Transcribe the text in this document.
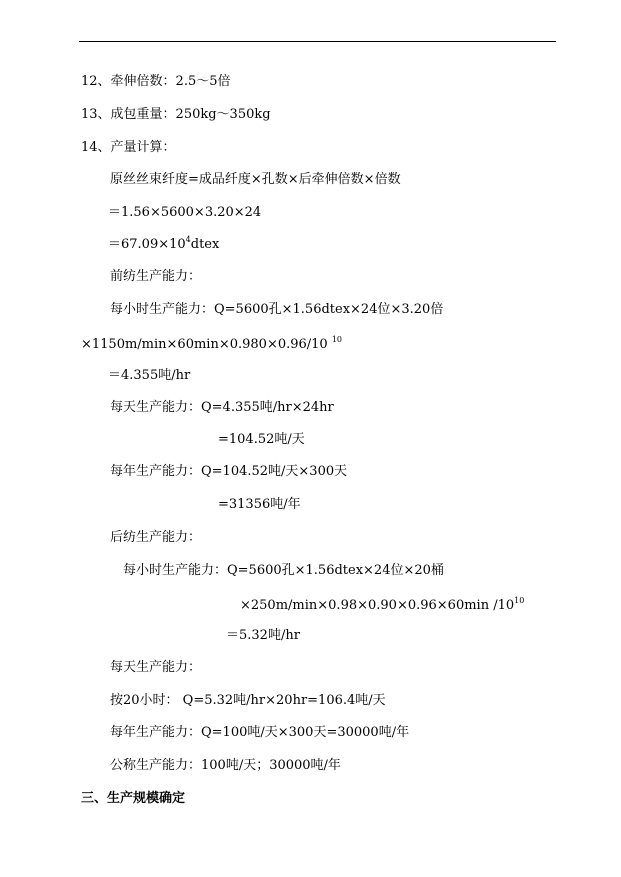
12、牵伸倍数：2.5～5倍
13、成包重量：250kg～350kg
14、产量计算：
原丝丝束纤度=成品纤度×孔数×后牵伸倍数×倍数
＝1.56×5600×3.20×24
$=67.09\times 10^4dtex$
前纺生产能力：
每小时生产能力：Q=5600孔×1.56dtex×24位×3.20倍
×1150m/min×60min×0.980×0.96/10 $^{10}$
＝4.355吨/hr
每天生产能力：Q=4.355吨/hr×24hr
=104.52吨/天
每年生产能力：Q=104.52吨/天×300天
=31356吨/年
后纺生产能力：
每小时生产能力：Q=5600孔×1.56dtex×24位×20桶
×250m/min×0.98×0.90×0.96×60min $/10^{10}$
＝5.32吨/hr
每天生产能力：
按20小时： Q=5.32吨/hr×20hr=106.4吨/天
每年生产能力：Q=100吨/天×300天=30000吨/年
公称生产能力：100吨/天；30000吨/年
三、生产规模确定
